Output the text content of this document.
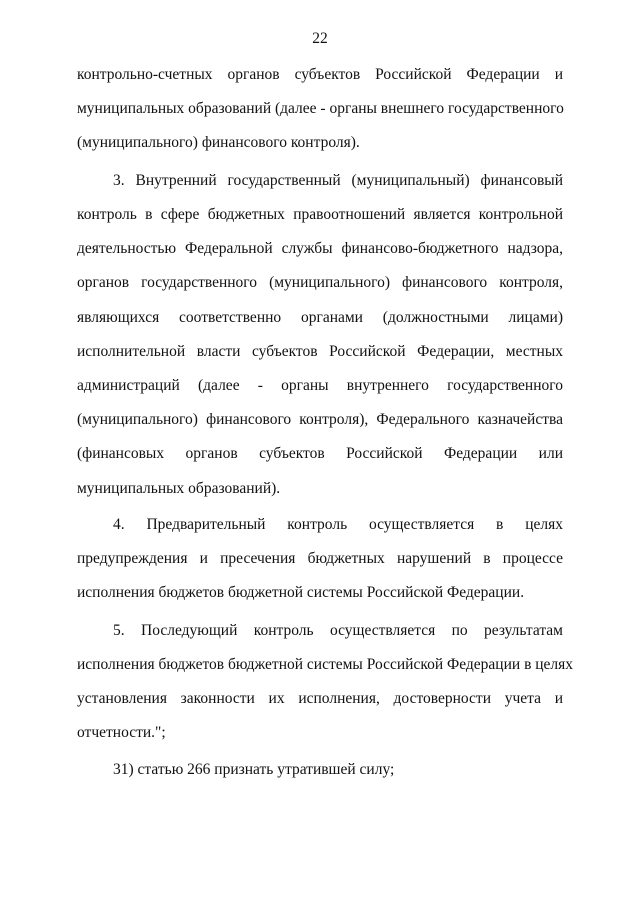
22
контрольно-счетных органов субъектов Российской Федерации и
муниципальных образований (далее - органы внешнего государственного
(муниципального) финансового контроля).
3. Внутренний государственный (муниципальный) финансовый
контроль в сфере бюджетных правоотношений является контрольной
деятельностью Федеральной службы финансово-бюджетного надзора,
органов государственного (муниципального) финансового контроля,
являющихся соответственно органами (должностными лицами)
исполнительной власти субъектов Российской Федерации, местных
администраций (далее - органы внутреннего государственного
(муниципального) финансового контроля), Федерального казначейства
(финансовых органов субъектов Российской Федерации или
муниципальных образований).
4. Предварительный контроль осуществляется в целях
предупреждения и пресечения бюджетных нарушений в процессе
исполнения бюджетов бюджетной системы Российской Федерации.
5. Последующий контроль осуществляется по результатам
исполнения бюджетов бюджетной системы Российской Федерации в целях
установления законности их исполнения, достоверности учета и
отчетности.";
31) статью 266 признать утратившей силу;
